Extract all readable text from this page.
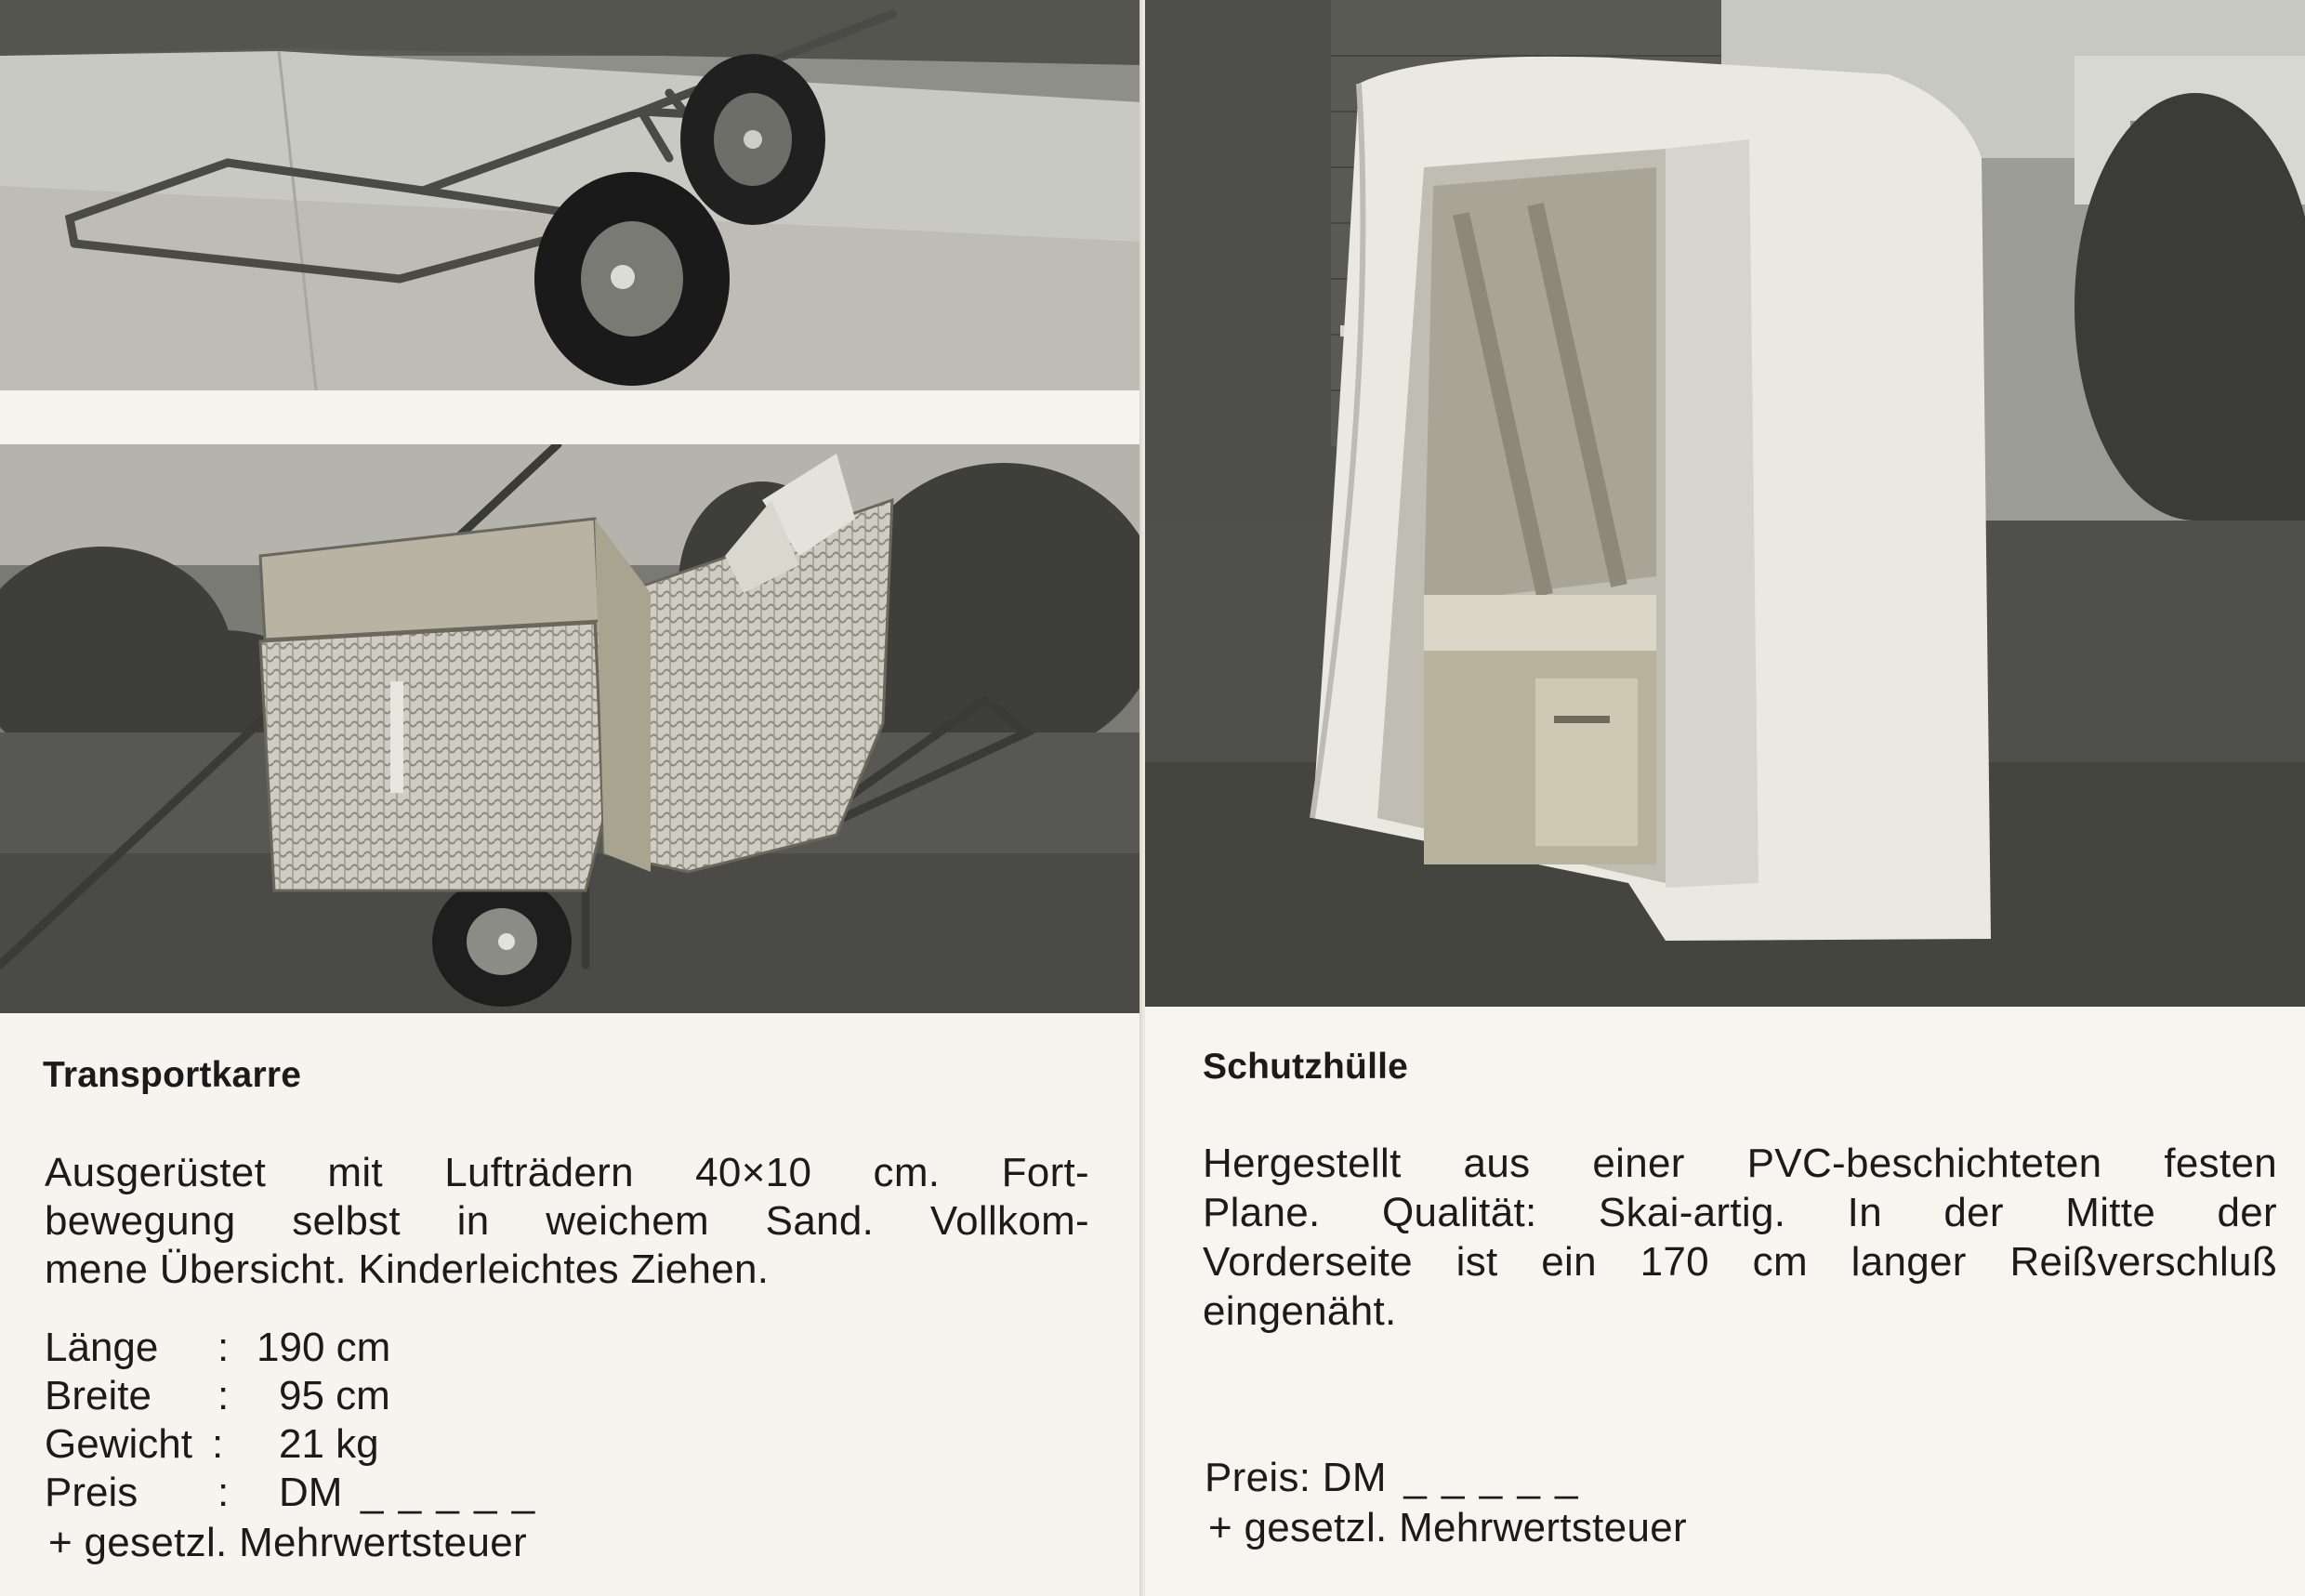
Transportkarre
Ausgerüstet mit Lufträdern 40×10 cm. Fort-
bewegung selbst in weichem Sand. Vollkom-
mene Übersicht. Kinderleichtes Ziehen.
Länge : 190 cm
Breite : 95 cm
Gewicht : 21 kg
Preis : DM _ _ _ _ _
+ gesetzl. Mehrwertsteuer
Schutzhülle
Hergestellt aus einer PVC-beschichteten festen
Plane. Qualität: Skai-artig. In der Mitte der
Vorderseite ist ein 170 cm langer Reißverschluß
eingenäht.
Preis: DM _ _ _ _ _
+ gesetzl. Mehrwertsteuer
